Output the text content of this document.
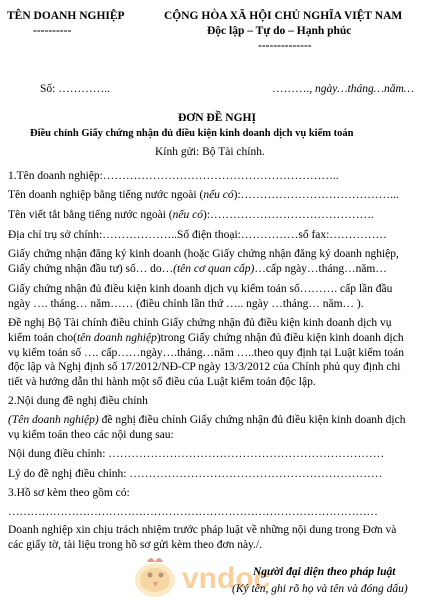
TÊN DOANH NGHIỆP
----------
CỘNG HÒA XÃ HỘI CHỦ NGHĨA VIỆT NAM
Độc lập – Tự do – Hạnh phúc
--------------
Số: …………..	………., ngày…tháng…năm…
ĐƠN ĐỀ NGHỊ
Điều chỉnh Giấy chứng nhận đủ điều kiện kinh doanh dịch vụ kiểm toán
Kính gửi: Bộ Tài chính.
1.Tên doanh nghiệp:……………………………………………………..
Tên doanh nghiệp bằng tiếng nước ngoài (nếu có):…………………………………...
Tên viết tắt bằng tiếng nước ngoài (nếu có):…………………………………….
Địa chỉ trụ sở chính:………………..Số điện thoại:……………số fax:……………
Giấy chứng nhận đăng ký kinh doanh (hoặc Giấy chứng nhận đăng ký doanh nghiệp,
Giấy chứng nhận đầu tư) số… do…(tên cơ quan cấp)…cấp ngày…tháng…năm…
Giấy chứng nhận đủ điều kiện kinh doanh dịch vụ kiểm toán số………. cấp lần đầu
ngày …. tháng… năm…… (điều chỉnh lần thứ ….. ngày …tháng… năm… ).
Đề nghị Bộ Tài chính điều chỉnh Giấy chứng nhận đủ điều kiện kinh doanh dịch vụ
kiểm toán cho(tên doanh nghiệp)trong Giấy chứng nhận đủ điều kiện kinh doanh dịch
vụ kiểm toán số …. cấp……ngày….tháng…năm …..theo quy định tại Luật kiểm toán
độc lập và Nghị định số 17/2012/NĐ-CP ngày 13/3/2012 của Chính phủ quy định chi
tiết và hướng dẫn thi hành một số điều của Luật kiểm toán độc lập.
2.Nội dung đề nghị điều chỉnh
(Tên doanh nghiệp) đề nghị điều chỉnh Giấy chứng nhận đủ điều kiện kinh doanh dịch
vụ kiểm toán theo các nội dung sau:
Nội dung điều chỉnh: ………………………………………………………………
Lý do đề nghị điều chỉnh: …………………………………………………………
3.Hồ sơ kèm theo gồm có:
………………………………………………………………………………………
Doanh nghiệp xin chịu trách nhiệm trước pháp luật về những nội dung trong Đơn và
các giấy tờ, tài liệu trong hồ sơ gửi kèm theo đơn này./.
vndoc
Người đại diện theo pháp luật
(Ký tên, ghi rõ họ và tên và đóng dấu)
